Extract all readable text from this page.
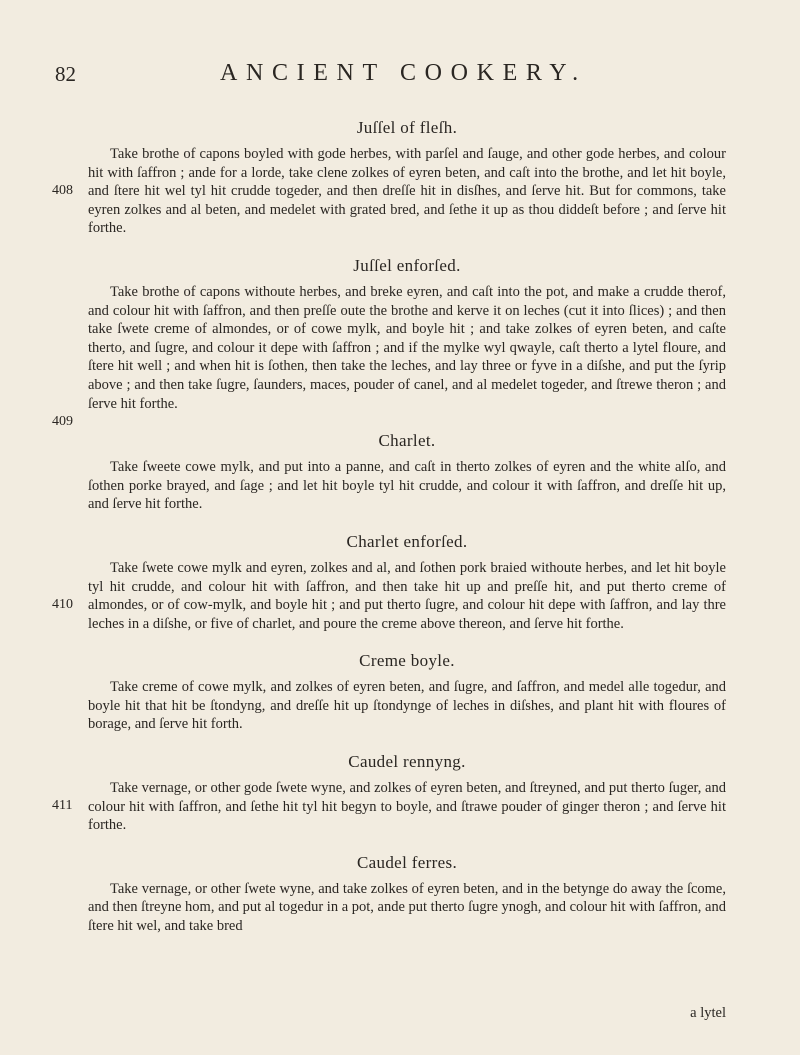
82	ANCIENT COOKERY.
Juſſel of fleſh.

408
Take brothe of capons boyled with gode herbes, with parſel and ſauge, and other gode herbes, and colour hit with ſaffron ; ande for a lorde, take clene zolkes of eyren beten, and caſt into the brothe, and let hit boyle, and ſtere hit wel tyl hit cruddе togeder, and then dreſſe hit in disſhes, and ſerve hit. But for commons, take eyren zolkes and al beten, and medelet with grated bred, and ſethe it up as thou diddeſt before ; and ſerve hit forthe.

Juſſel enforſed.

409
Take brothe of capons withoute herbes, and breke eyren, and caſt into the pot, and make a cruddе therof, and colour hit with ſaffron, and then preſſe oute the brothe and kerve it on leches (cut it into ſlices) ; and then take ſwete creme of almondes, or of cowe mylk, and boyle hit ; and take zolkes of eyren beten, and caſte therto, and ſugre, and colour it depe with ſaffron ; and if the mylke wyl qwayle, caſt therto a lytel floure, and ſtere hit well ; and when hit is ſothen, then take the leches, and lay three or fyve in a diſshe, and put the ſyrip above ; and then take ſugre, ſaunders, maces, pouder of canel, and al medelet togeder, and ſtrewe theron ; and ſerve hit forthe.

Charlet.

Take ſweete cowe mylk, and put into a panne, and caſt in therto zolkes of eyren and the white alſo, and ſothen porke brayed, and ſage ; and let hit boyle tyl hit cruddе, and colour it with ſaffron, and dreſſe hit up, and ſerve hit forthe.

Charlet enforſed.

410
Take ſwete cowe mylk and eyren, zolkes and al, and ſothen pork braied withoute herbes, and let hit boyle tyl hit cruddе, and colour hit with ſaffron, and then take hit up and preſſe hit, and put therto creme of almondes, or of cow-mylk, and boyle hit ; and put therto ſugre, and colour hit depe with ſaffron, and lay thre leches in a diſshe, or five of charlet, and poure the creme above thereon, and ſerve hit forthe.

Creme boyle.

Take creme of cowe mylk, and zolkes of eyren beten, and ſugre, and ſaffron, and medel alle togedur, and boyle hit that hit be ſtondyng, and dreſſe hit up ſtondynge of leches in diſshes, and plant hit with floures of borage, and ſerve hit forth.

Caudel rennyng.

411
Take vernage, or other gode ſwete wyne, and zolkes of eyren beten, and ſtreyned, and put therto ſuger, and colour hit with ſaffron, and ſethe hit tyl hit begyn to boyle, and ſtrawe pouder of ginger theron ; and ſerve hit forthe.

Caudel ferres.

Take vernage, or other ſwete wyne, and take zolkes of eyren beten, and in the betynge do away the ſcome, and then ſtreyne hom, and put al togedur in a pot, ande put therto ſugre ynogh, and colour hit with ſaffron, and ſtere hit wel, and take bred

a lytel
